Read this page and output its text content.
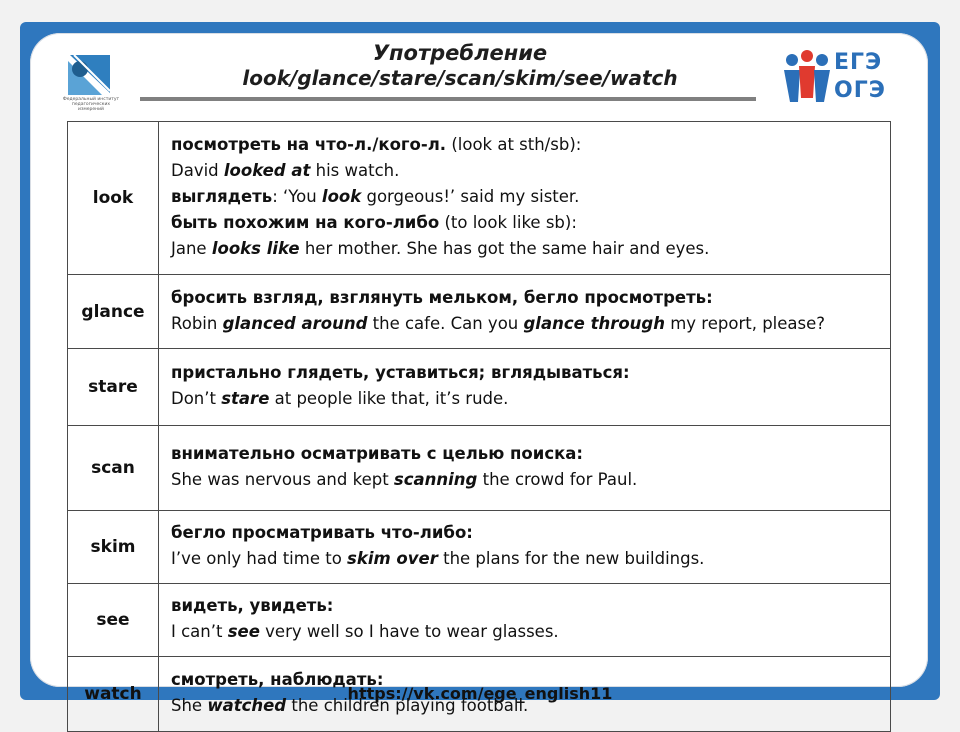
Федеральный институт педагогических измерений
Употребление
look/glance/stare/scan/skim/see/watch
ЕГЭ
ОГЭ
look	посмотреть на что-л./кого-л. (look at sth/sb):
David looked at his watch.
выглядеть: ‘You look gorgeous!’ said my sister.
быть похожим на кого-либо (to look like sb):
Jane looks like her mother. She has got the same hair and eyes.

glance	бросить взгляд, взглянуть мельком, бегло просмотреть:
Robin glanced around the cafe. Can you glance through my report, please?

stare	пристально глядеть, уставиться; вглядываться:
Don’t stare at people like that, it’s rude.

scan	внимательно осматривать с целью поиска:
She was nervous and kept scanning the crowd for Paul.

skim	бегло просматривать что-либо:
I’ve only had time to skim over the plans for the new buildings.

see	видеть, увидеть:
I can’t see very well so I have to wear glasses.

watch	смотреть, наблюдать:
She watched the children playing football.
https://vk.com/ege_english11
